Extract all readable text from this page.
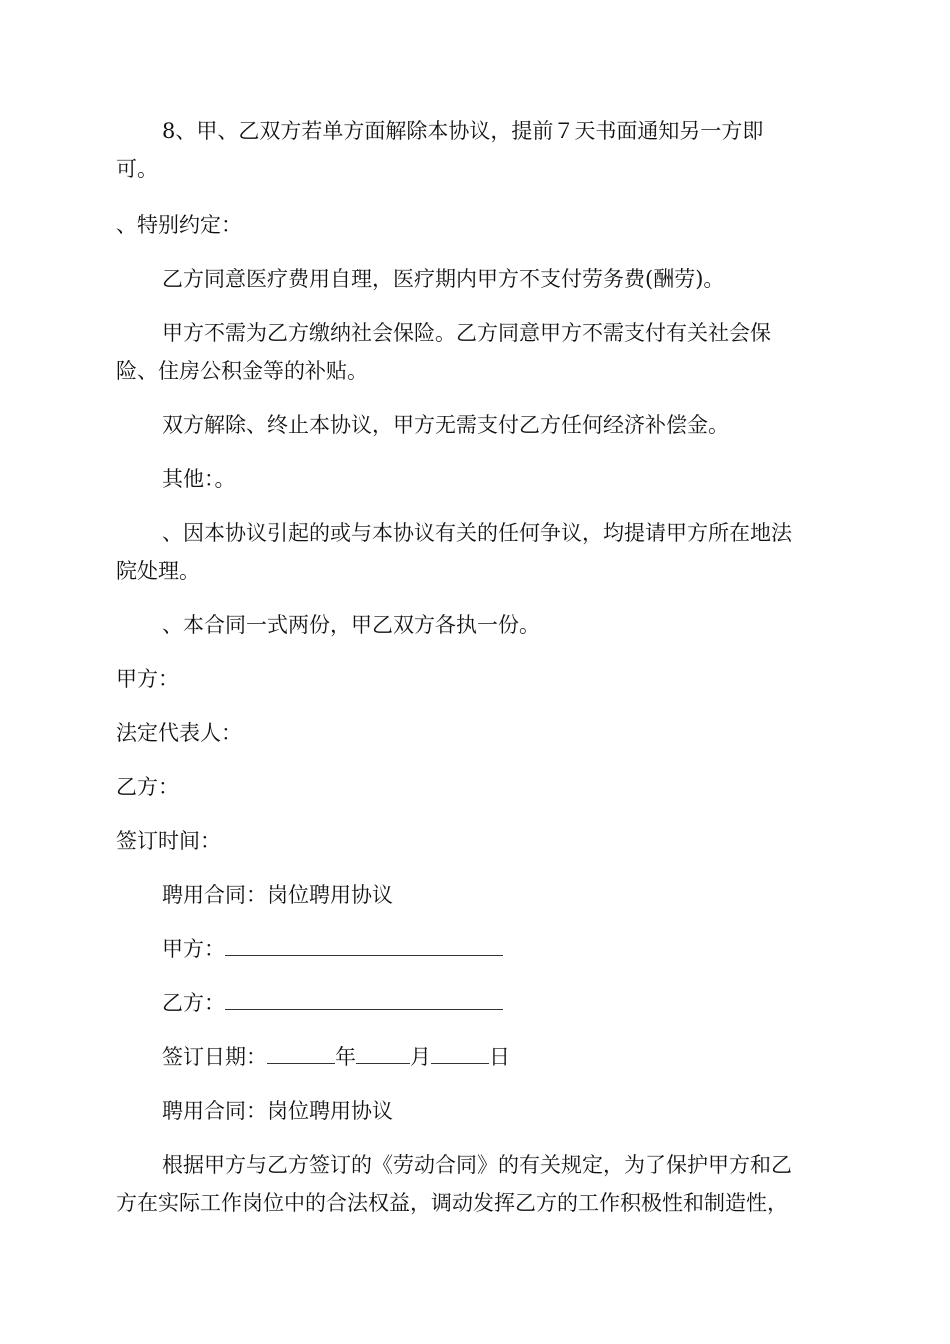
8、甲、乙双方若单方面解除本协议，提前７天书面通知另一方即
可。
、特别约定：
乙方同意医疗费用自理，医疗期内甲方不支付劳务费(酬劳)。
甲方不需为乙方缴纳社会保险。乙方同意甲方不需支付有关社会保
险、住房公积金等的补贴。
双方解除、终止本协议，甲方无需支付乙方任何经济补偿金。
其他：。
、因本协议引起的或与本协议有关的任何争议，均提请甲方所在地法
院处理。
、本合同一式两份，甲乙双方各执一份。
甲方：
法定代表人：
乙方：
签订时间：
聘用合同：岗位聘用协议
甲方：
乙方：
签订日期：	年	月	日
聘用合同：岗位聘用协议
根据甲方与乙方签订的《劳动合同》的有关规定，为了保护甲方和乙
方在实际工作岗位中的合法权益，调动发挥乙方的工作积极性和制造性，
